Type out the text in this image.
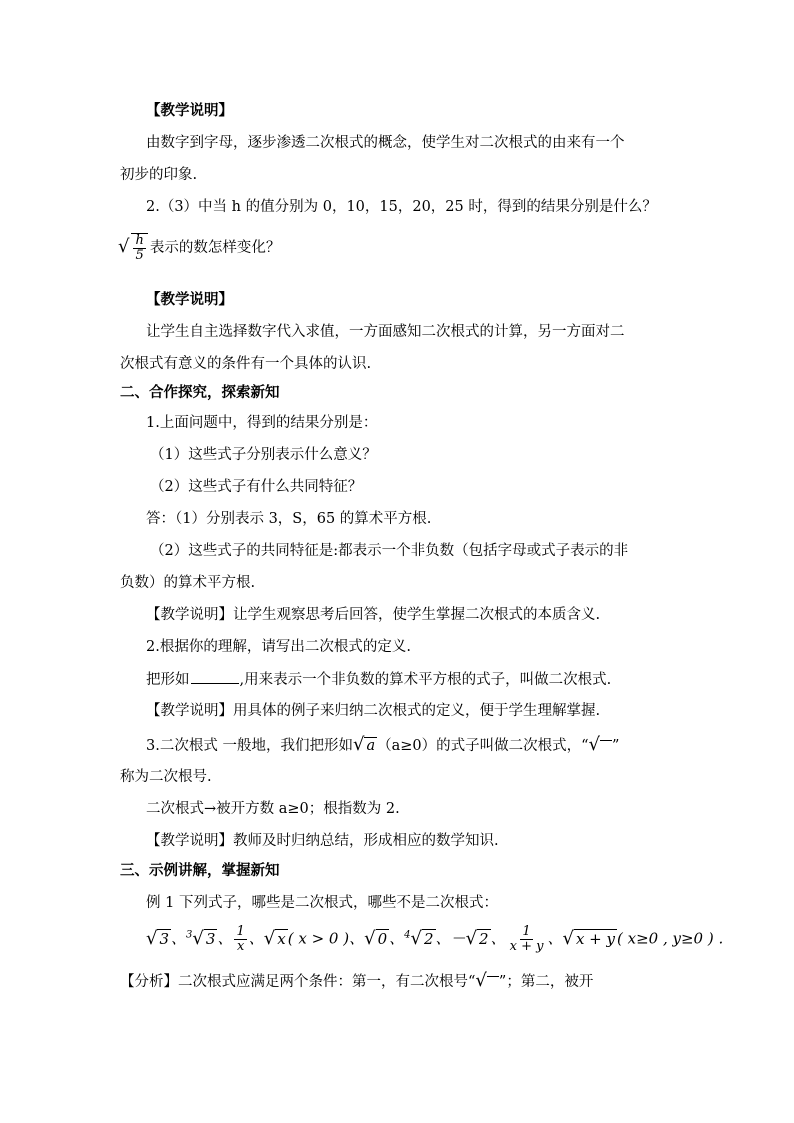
【教学说明】
由数字到字母，逐步渗透二次根式的概念，使学生对二次根式的由来有一个
初步的印象.
2.（3）中当 h 的值分别为 0，10，15，20，25 时，得到的结果分别是什么？
√ $\frac{h}{5}$ 表示的数怎样变化？
【教学说明】
让学生自主选择数字代入求值，一方面感知二次根式的计算，另一方面对二
次根式有意义的条件有一个具体的认识.
二、合作探究，探索新知
1.上面问题中，得到的结果分别是：
（1）这些式子分别表示什么意义？
（2）这些式子有什么共同特征？
答：（1）分别表示 3，S，65 的算术平方根.
（2）这些式子的共同特征是:都表示一个非负数（包括字母或式子表示的非
负数）的算术平方根.
【教学说明】让学生观察思考后回答，使学生掌握二次根式的本质含义.
2.根据你的理解，请写出二次根式的定义.
把形如	,用来表示一个非负数的算术平方根的式子，叫做二次根式.
【教学说明】用具体的例子来归纳二次根式的定义，便于学生理解掌握.
3.二次根式 一般地，我们把形如√ a （a≥0）的式子叫做二次根式，“√ ”
称为二次根号.
二次根式→被开方数 a≥0；根指数为 2.
【教学说明】教师及时归纳总结，形成相应的数学知识.
三、示例讲解，掌握新知
例 1 下列式子，哪些是二次根式，哪些不是二次根式：
√ 3 、$^3$√ 3 、 $\frac{1}{x}$ 、√ x ( x > 0 )、√ 0 、$^4$√ 2 、－√ 2 、 $\frac{1}{x + y}$ 、√ x + y ( x≥0 , y≥0 ) .
【分析】二次根式应满足两个条件：第一，有二次根号“√ ”；第二，被开
